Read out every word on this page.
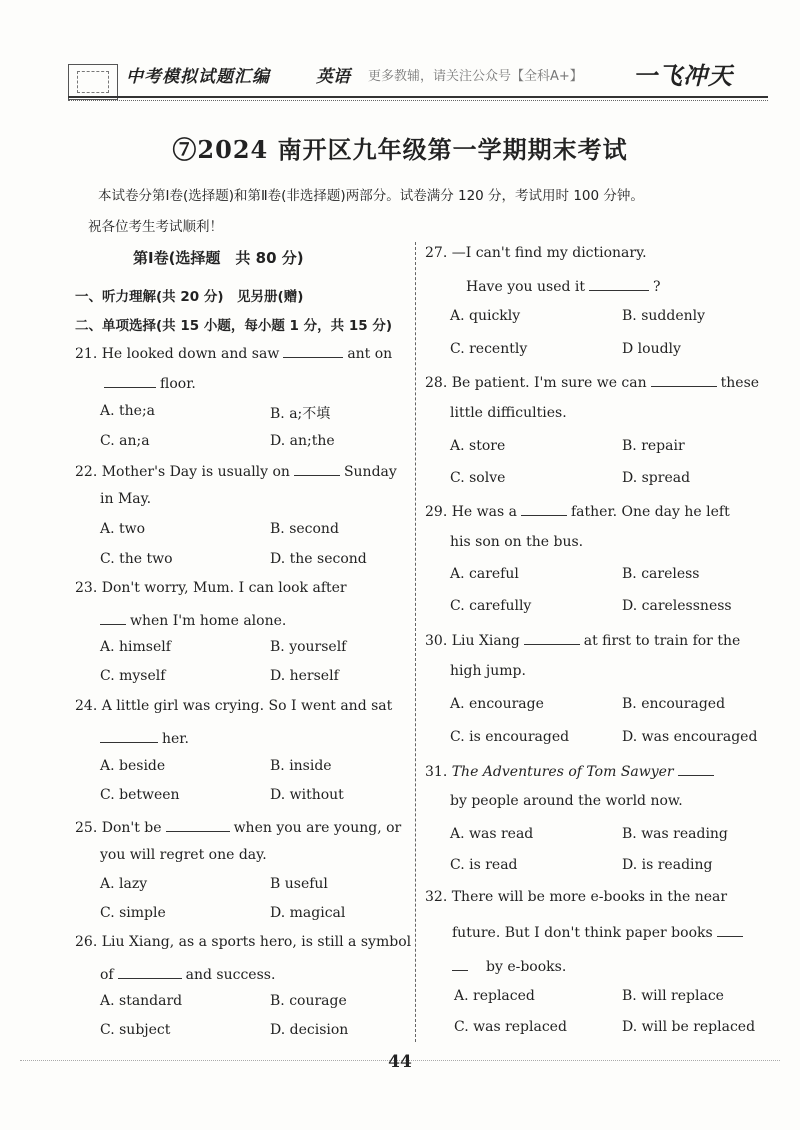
中考模拟试题汇编	英语 更多教辅，请关注公众号【全科A+】 一飞冲天
⑦2024 南开区九年级第一学期期末考试
本试卷分第Ⅰ卷(选择题)和第Ⅱ卷(非选择题)两部分。试卷满分 120 分，考试用时 100 分钟。
祝各位考生考试顺利！
第Ⅰ卷(选择题　共 80 分)
一、听力理解(共 20 分)　见另册(赠)
二、单项选择(共 15 小题，每小题 1 分，共 15 分)
21. He looked down and saw	ant on
floor.
A. the;a	B. a;不填
C. an;a	D. an;the
22. Mother's Day is usually on	Sunday
in May.
A. two	B. second
C. the two	D. the second
23. Don't worry, Mum. I can look after
when I'm home alone.
A. himself	B. yourself
C. myself	D. herself
24. A little girl was crying. So I went and sat
her.
A. beside	B. inside
C. between	D. without
25. Don't be	when you are young, or
you will regret one day.
A. lazy	B useful
C. simple	D. magical
26. Liu Xiang, as a sports hero, is still a symbol
of	and success.
A. standard	B. courage
C. subject	D. decision
27. —I can't find my dictionary.
Have you used it	?
A. quickly	B. suddenly
C. recently	D loudly
28. Be patient. I'm sure we can	these
little difficulties.
A. store	B. repair
C. solve	D. spread
29. He was a	father. One day he left
his son on the bus.
A. careful	B. careless
C. carefully	D. carelessness
30. Liu Xiang	at first to train for the
high jump.
A. encourage	B. encouraged
C. is encouraged	D. was encouraged
31. The Adventures of Tom Sawyer
by people around the world now.
A. was read	B. was reading
C. is read	D. is reading
32. There will be more e-books in the near
future. But I don't think paper books
by e-books.
A. replaced	B. will replace
C. was replaced	D. will be replaced
44
